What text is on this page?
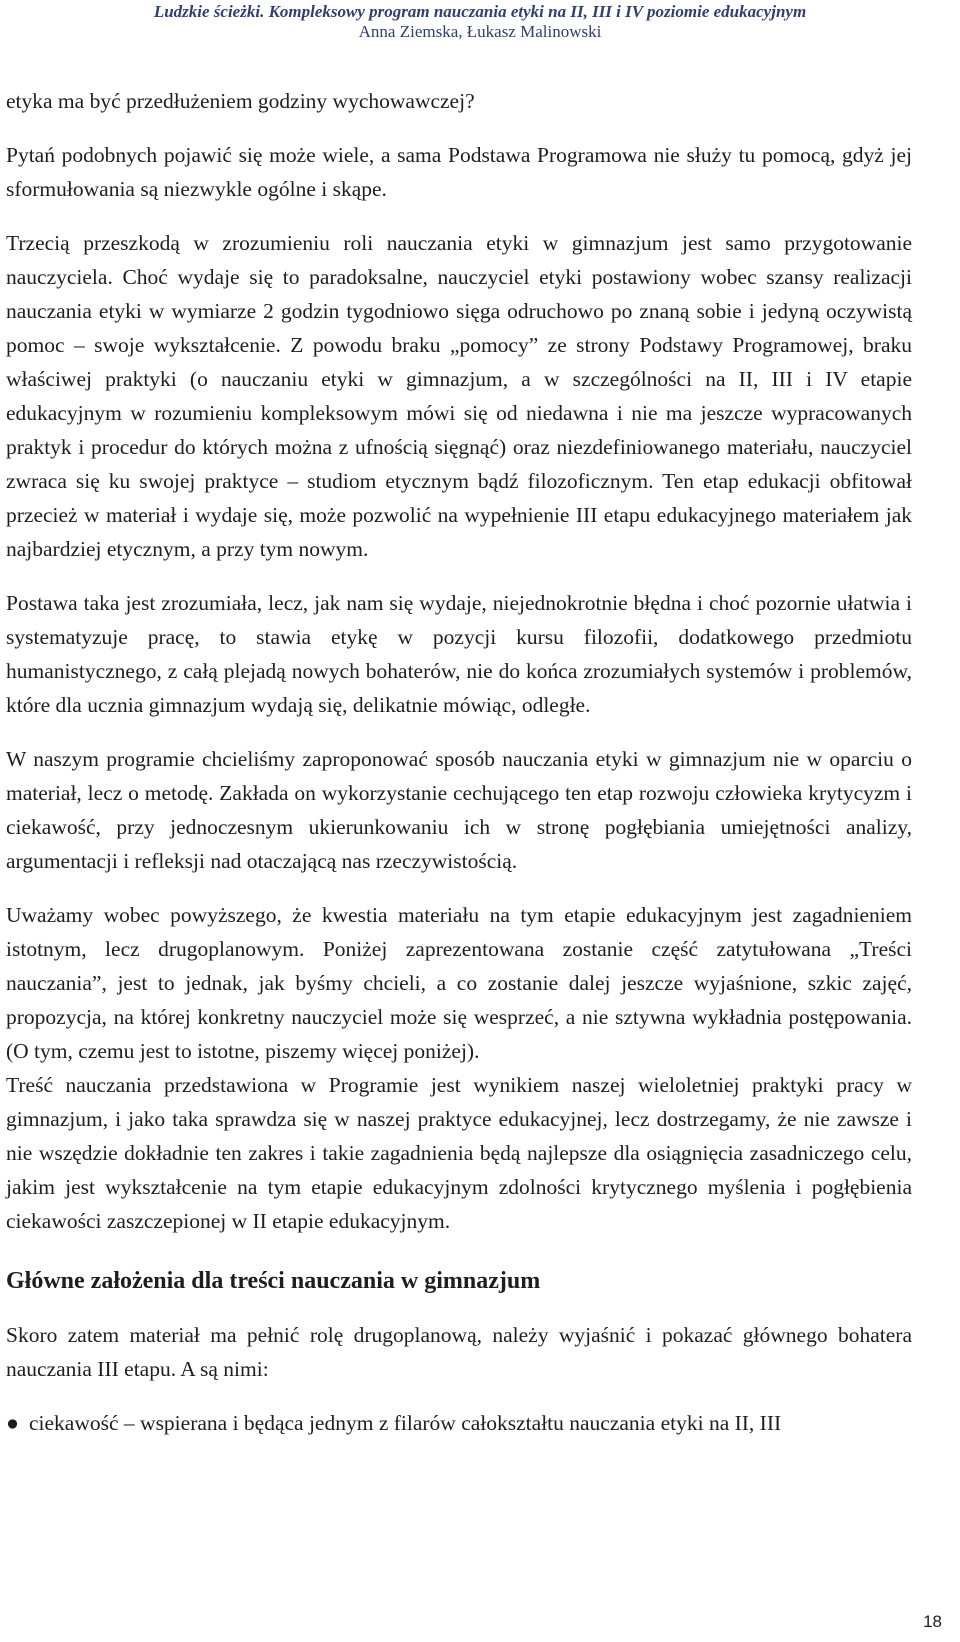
Ludzkie ścieżki. Kompleksowy program nauczania etyki na II, III i IV poziomie edukacyjnym
Anna Ziemska, Łukasz Malinowski

etyka ma być przedłużeniem godziny wychowawczej?

Pytań podobnych pojawić się może wiele, a sama Podstawa Programowa nie służy tu pomocą, gdyż jej sformułowania są niezwykle ogólne i skąpe.

Trzecią przeszkodą w zrozumieniu roli nauczania etyki w gimnazjum jest samo przygotowanie nauczyciela. Choć wydaje się to paradoksalne, nauczyciel etyki postawiony wobec szansy realizacji nauczania etyki w wymiarze 2 godzin tygodniowo sięga odruchowo po znaną sobie i jedyną oczywistą pomoc – swoje wykształcenie. Z powodu braku „pomocy” ze strony Podstawy Programowej, braku właściwej praktyki (o nauczaniu etyki w gimnazjum, a w szczególności na II, III i IV etapie edukacyjnym w rozumieniu kompleksowym mówi się od niedawna i nie ma jeszcze wypracowanych praktyk i procedur do których można z ufnością sięgnąć) oraz niezdefiniowanego materiału, nauczyciel zwraca się ku swojej praktyce – studiom etycznym bądź filozoficznym. Ten etap edukacji obfitował przecież w materiał i wydaje się, może pozwolić na wypełnienie III etapu edukacyjnego materiałem jak najbardziej etycznym, a przy tym nowym.

Postawa taka jest zrozumiała, lecz, jak nam się wydaje, niejednokrotnie błędna i choć pozornie ułatwia i systematyzuje pracę, to stawia etykę w pozycji kursu filozofii, dodatkowego przedmiotu humanistycznego, z całą plejadą nowych bohaterów, nie do końca zrozumiałych systemów i problemów, które dla ucznia gimnazjum wydają się, delikatnie mówiąc, odległe.

W naszym programie chcieliśmy zaproponować sposób nauczania etyki w gimnazjum nie w oparciu o materiał, lecz o metodę. Zakłada on wykorzystanie cechującego ten etap rozwoju człowieka krytycyzm i ciekawość, przy jednoczesnym ukierunkowaniu ich w stronę pogłębiania umiejętności analizy, argumentacji i refleksji nad otaczającą nas rzeczywistością.

Uważamy wobec powyższego, że kwestia materiału na tym etapie edukacyjnym jest zagadnieniem istotnym, lecz drugoplanowym. Poniżej zaprezentowana zostanie część zatytułowana „Treści nauczania”, jest to jednak, jak byśmy chcieli, a co zostanie dalej jeszcze wyjaśnione, szkic zajęć, propozycja, na której konkretny nauczyciel może się wesprzeć, a nie sztywna wykładnia postępowania. (O tym, czemu jest to istotne, piszemy więcej poniżej).

Treść nauczania przedstawiona w Programie jest wynikiem naszej wieloletniej praktyki pracy w gimnazjum, i jako taka sprawdza się w naszej praktyce edukacyjnej, lecz dostrzegamy, że nie zawsze i nie wszędzie dokładnie ten zakres i takie zagadnienia będą najlepsze dla osiągnięcia zasadniczego celu, jakim jest wykształcenie na tym etapie edukacyjnym zdolności krytycznego myślenia i pogłębienia ciekawości zaszczepionej w II etapie edukacyjnym.

Główne założenia dla treści nauczania w gimnazjum

Skoro zatem materiał ma pełnić rolę drugoplanową, należy wyjaśnić i pokazać głównego bohatera nauczania III etapu. A są nimi:

● ciekawość – wspierana i będąca jednym z filarów całokształtu nauczania etyki na II, III
18
